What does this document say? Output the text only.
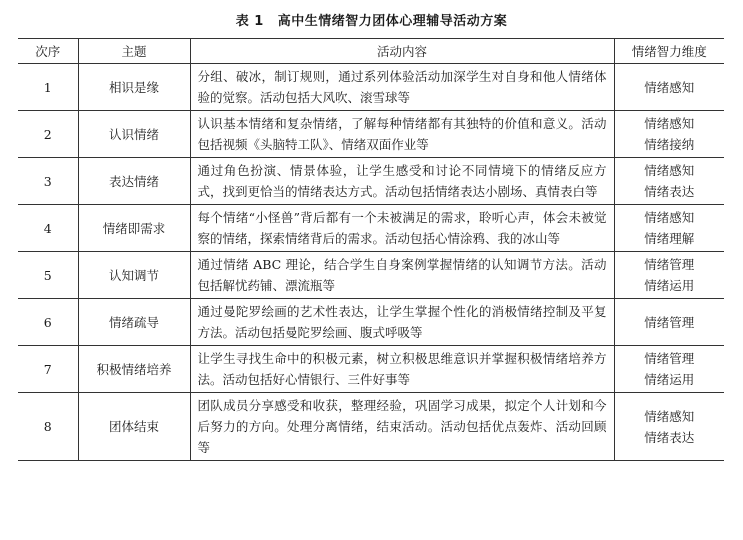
表 1 高中生情绪智力团体心理辅导活动方案
次序	主题	活动内容	情绪智力维度
1	相识是缘	分组、破冰，制订规则，通过系列体验活动加深学生对自身和他人情绪体验的觉察。活动包括大风吹、滚雪球等	情绪感知

2	认识情绪	认识基本情绪和复杂情绪，了解每种情绪都有其独特的价值和意义。活动包括视频《头脑特工队》、情绪双面作业等	情绪感知
情绪接纳

3	表达情绪	通过角色扮演、情景体验，让学生感受和讨论不同情境下的情绪反应方式，找到更恰当的情绪表达方式。活动包括情绪表达小剧场、真情表白等	情绪感知
情绪表达

4	情绪即需求	每个情绪“小怪兽”背后都有一个未被满足的需求，聆听心声，体会未被觉察的情绪，探索情绪背后的需求。活动包括心情涂鸦、我的冰山等	情绪感知
情绪理解

5	认知调节	通过情绪 ABC 理论，结合学生自身案例掌握情绪的认知调节方法。活动包括解忧药铺、漂流瓶等	情绪管理
情绪运用

6	情绪疏导	通过曼陀罗绘画的艺术性表达，让学生掌握个性化的消极情绪控制及平复方法。活动包括曼陀罗绘画、腹式呼吸等	情绪管理

7	积极情绪培养	让学生寻找生命中的积极元素，树立积极思维意识并掌握积极情绪培养方法。活动包括好心情银行、三件好事等	情绪管理
情绪运用

8	团体结束	团队成员分享感受和收获，整理经验，巩固学习成果，拟定个人计划和今后努力的方向。处理分离情绪，结束活动。活动包括优点轰炸、活动回顾等	情绪感知
情绪表达
